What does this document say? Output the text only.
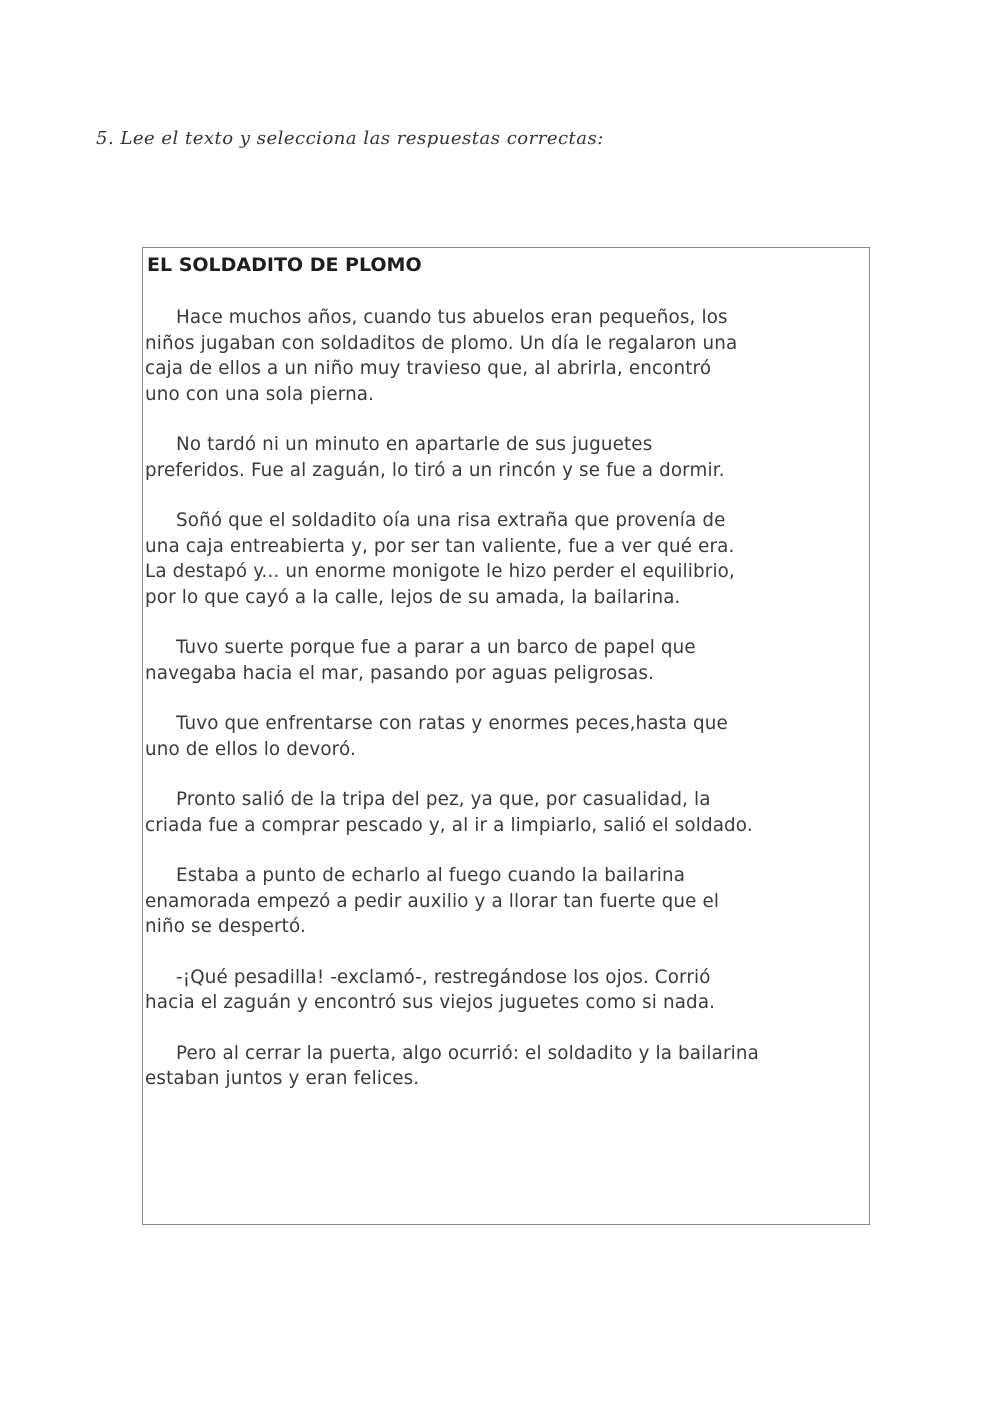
5. Lee el texto y selecciona las respuestas correctas:
EL SOLDADITO DE PLOMO

Hace muchos años, cuando tus abuelos eran pequeños, los
niños jugaban con soldaditos de plomo. Un día le regalaron una
caja de ellos a un niño muy travieso que, al abrirla, encontró
uno con una sola pierna.

No tardó ni un minuto en apartarle de sus juguetes
preferidos. Fue al zaguán, lo tiró a un rincón y se fue a dormir.

Soñó que el soldadito oía una risa extraña que provenía de
una caja entreabierta y, por ser tan valiente, fue a ver qué era.
La destapó y... un enorme monigote le hizo perder el equilibrio,
por lo que cayó a la calle, lejos de su amada, la bailarina.

Tuvo suerte porque fue a parar a un barco de papel que
navegaba hacia el mar, pasando por aguas peligrosas.

Tuvo que enfrentarse con ratas y enormes peces,hasta que
uno de ellos lo devoró.

Pronto salió de la tripa del pez, ya que, por casualidad, la
criada fue a comprar pescado y, al ir a limpiarlo, salió el soldado.

Estaba a punto de echarlo al fuego cuando la bailarina
enamorada empezó a pedir auxilio y a llorar tan fuerte que el
niño se despertó.

-¡Qué pesadilla! -exclamó-, restregándose los ojos. Corrió
hacia el zaguán y encontró sus viejos juguetes como si nada.

Pero al cerrar la puerta, algo ocurrió: el soldadito y la bailarina
estaban juntos y eran felices.
